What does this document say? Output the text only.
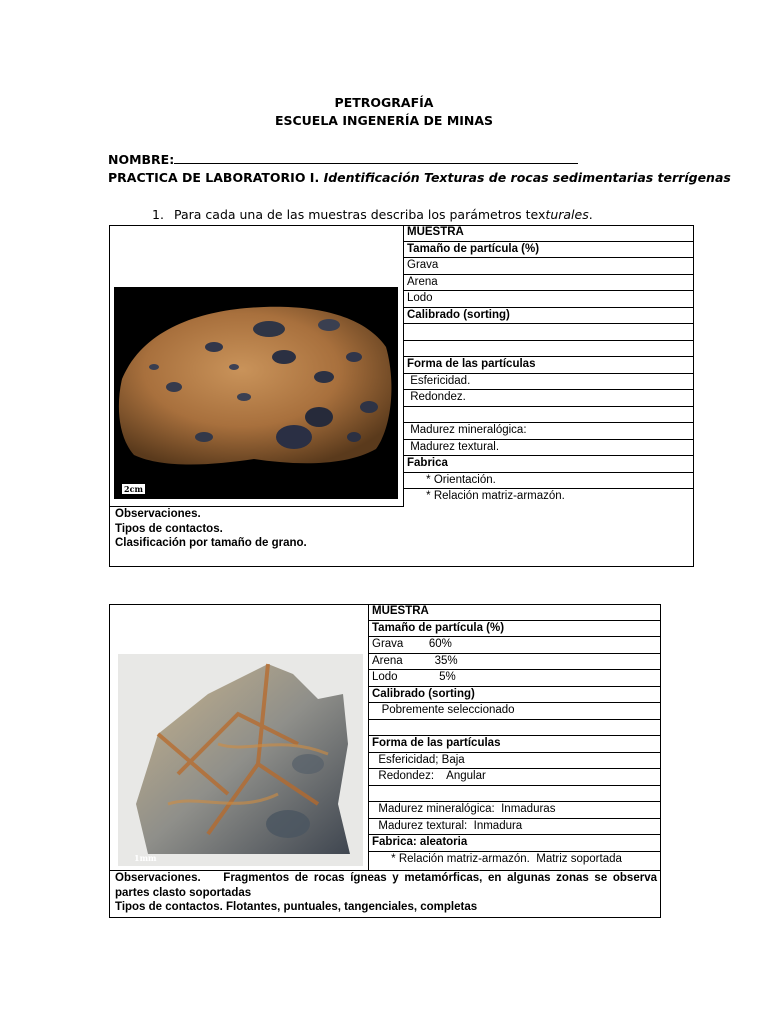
PETROGRAFÍA
ESCUELA INGENERÍA DE MINAS
NOMBRE:
PRACTICA DE LABORATORIO I. Identificación Texturas de rocas sedimentarias terrígenas
1. Para cada una de las muestras describa los parámetros texturales.
2cm
MUESTRA
Tamaño de partícula (%)
Grava
Arena
Lodo
Calibrado (sorting)
Forma de las partículas
Esfericidad.
Redondez.
Madurez mineralógica:
Madurez textural.
Fabrica
* Orientación.
* Relación matriz-armazón.
Observaciones.
Tipos de contactos.
Clasificación por tamaño de grano.
1mm
MUESTRA
Tamaño de partícula (%)
Grava        60%
Arena          35%
Lodo             5%
Calibrado (sorting)
Pobremente seleccionado
Forma de las partículas
Esfericidad; Baja
Redondez:    Angular
Madurez mineralógica:  Inmaduras
Madurez textural:  Inmadura
Fabrica: aleatoria
* Relación matriz-armazón.  Matriz soportada
Observaciones. Fragmentos de rocas ígneas y metamórficas, en algunas zonas se observa partes clasto soportadas
Tipos de contactos. Flotantes, puntuales, tangenciales, completas
